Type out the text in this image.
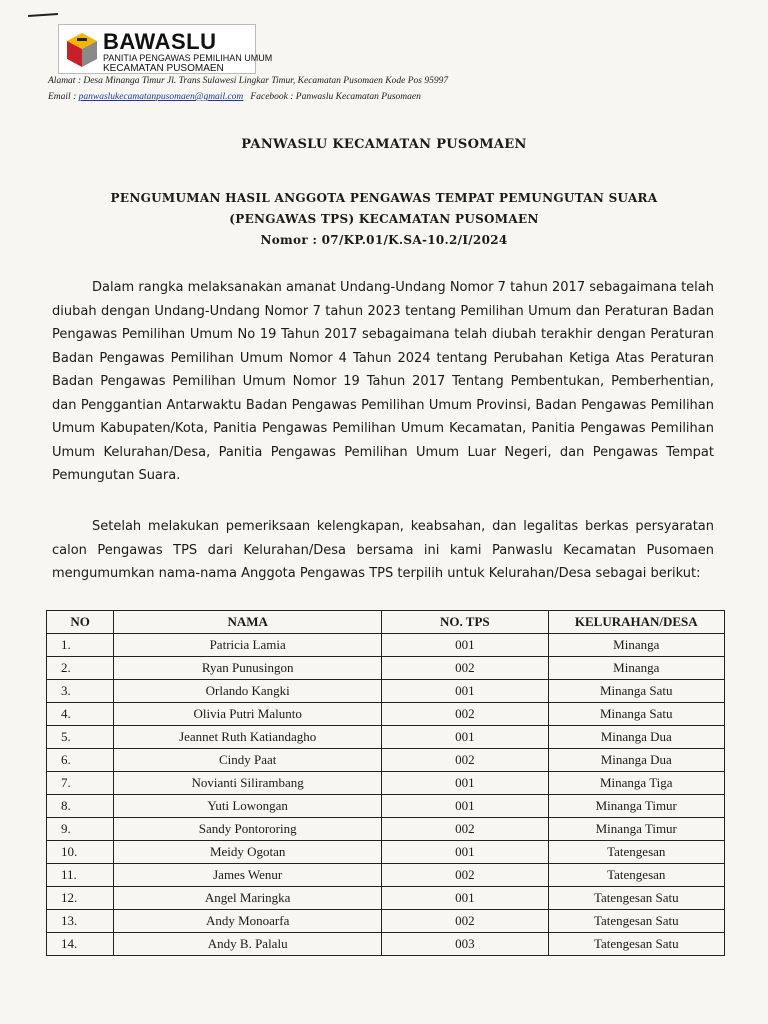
BAWASLU
PANITIA PENGAWAS PEMILIHAN UMUM
KECAMATAN PUSOMAEN
Alamat : Desa Minanga Timur Jl. Trans Sulawesi Lingkar Timur, Kecamatan Pusomaen Kode Pos 95997
Email : panwaslukecamatanpusomaen@gmail.com Facebook : Panwaslu Kecamatan Pusomaen
PANWASLU KECAMATAN PUSOMAEN
PENGUMUMAN HASIL ANGGOTA PENGAWAS TEMPAT PEMUNGUTAN SUARA
(PENGAWAS TPS) KECAMATAN PUSOMAEN
Nomor : 07/KP.01/K.SA-10.2/I/2024
Dalam rangka melaksanakan amanat Undang-Undang Nomor 7 tahun 2017 sebagaimana telah diubah dengan Undang-Undang Nomor 7 tahun 2023 tentang Pemilihan Umum dan Peraturan Badan Pengawas Pemilihan Umum No 19 Tahun 2017 sebagaimana telah diubah terakhir dengan Peraturan Badan Pengawas Pemilihan Umum Nomor 4 Tahun 2024 tentang Perubahan Ketiga Atas Peraturan Badan Pengawas Pemilihan Umum Nomor 19 Tahun 2017 Tentang Pembentukan, Pemberhentian, dan Penggantian Antarwaktu Badan Pengawas Pemilihan Umum Provinsi, Badan Pengawas Pemilihan Umum Kabupaten/Kota, Panitia Pengawas Pemilihan Umum Kecamatan, Panitia Pengawas Pemilihan Umum Kelurahan/Desa, Panitia Pengawas Pemilihan Umum Luar Negeri, dan Pengawas Tempat Pemungutan Suara.
Setelah melakukan pemeriksaan kelengkapan, keabsahan, dan legalitas berkas persyaratan calon Pengawas TPS dari Kelurahan/Desa bersama ini kami Panwaslu Kecamatan Pusomaen mengumumkan nama-nama Anggota Pengawas TPS terpilih untuk Kelurahan/Desa sebagai berikut:
NO	NAMA	NO. TPS	KELURAHAN/DESA
1.	Patricia Lamia	001	Minanga
2.	Ryan Punusingon	002	Minanga
3.	Orlando Kangki	001	Minanga Satu
4.	Olivia Putri Malunto	002	Minanga Satu
5.	Jeannet Ruth Katiandagho	001	Minanga Dua
6.	Cindy Paat	002	Minanga Dua
7.	Novianti Silirambang	001	Minanga Tiga
8.	Yuti Lowongan	001	Minanga Timur
9.	Sandy Pontororing	002	Minanga Timur
10.	Meidy Ogotan	001	Tatengesan
11.	James Wenur	002	Tatengesan
12.	Angel Maringka	001	Tatengesan Satu
13.	Andy Monoarfa	002	Tatengesan Satu
14.	Andy B. Palalu	003	Tatengesan Satu
